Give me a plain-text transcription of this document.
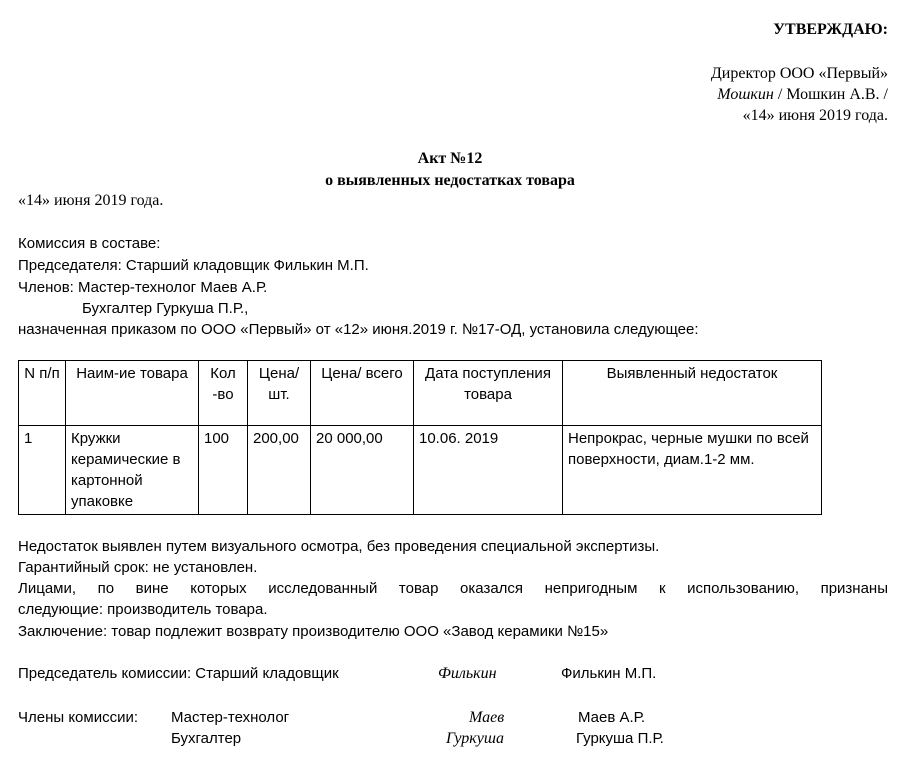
УТВЕРЖДАЮ:
Директор ООО «Первый»
Мошкин / Мошкин А.В. /
«14» июня 2019 года.
Акт №12
о выявленных недостатках товара
«14» июня 2019 года.
Комиссия в составе:
Председателя: Старший кладовщик Филькин М.П.
Членов: Мастер-технолог Маев А.Р.
Бухгалтер Гуркуша П.Р.,
назначенная приказом по ООО «Первый» от «12» июня.2019 г. №17-ОД, установила следующее:
N п/п	Наим-ие товара	Кол -во	Цена/ шт.	Цена/ всего	Дата поступления товара	Выявленный недостаток
1	Кружки керамические в картонной упаковке	100	200,00	20 000,00	10.06. 2019	Непрокрас, черные мушки по всей поверхности, диам.1-2 мм.
Недостаток выявлен путем визуального осмотра, без проведения специальной экспертизы.
Гарантийный срок: не установлен.
Лицами, по вине которых исследованный товар оказался непригодным к использованию, признаны
следующие: производитель товара.
Заключение: товар подлежит возврату производителю ООО «Завод керамики №15»
Председатель комиссии: Старший кладовщик	Филькин	Филькин М.П.
Члены комиссии: Мастер-технолог	Маев	Маев А.Р.
Бухгалтер	Гуркуша	Гуркуша П.Р.
